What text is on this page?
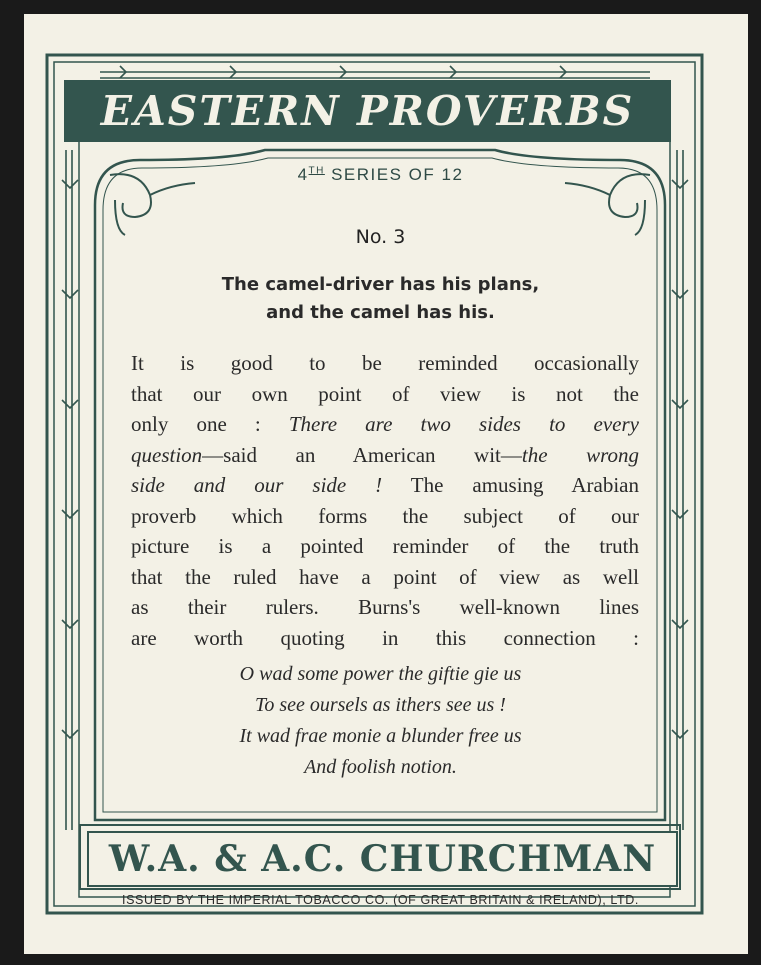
EASTERN PROVERBS
4TH SERIES OF 12
No. 3
The camel-driver has his plans,
and the camel has his.
It is good to be reminded occasionally
that our own point of view is not the
only one : There are two sides to every
question—said an American wit—the wrong
side and our side ! The amusing Arabian
proverb which forms the subject of our
picture is a pointed reminder of the truth
that the ruled have a point of view as well
as their rulers. Burns's well-known lines
are worth quoting in this connection :
O wad some power the giftie gie us
To see oursels as ithers see us !
It wad frae monie a blunder free us
And foolish notion.
W.A. & A.C. CHURCHMAN
ISSUED BY THE IMPERIAL TOBACCO CO. (OF GREAT BRITAIN & IRELAND), LTD.
